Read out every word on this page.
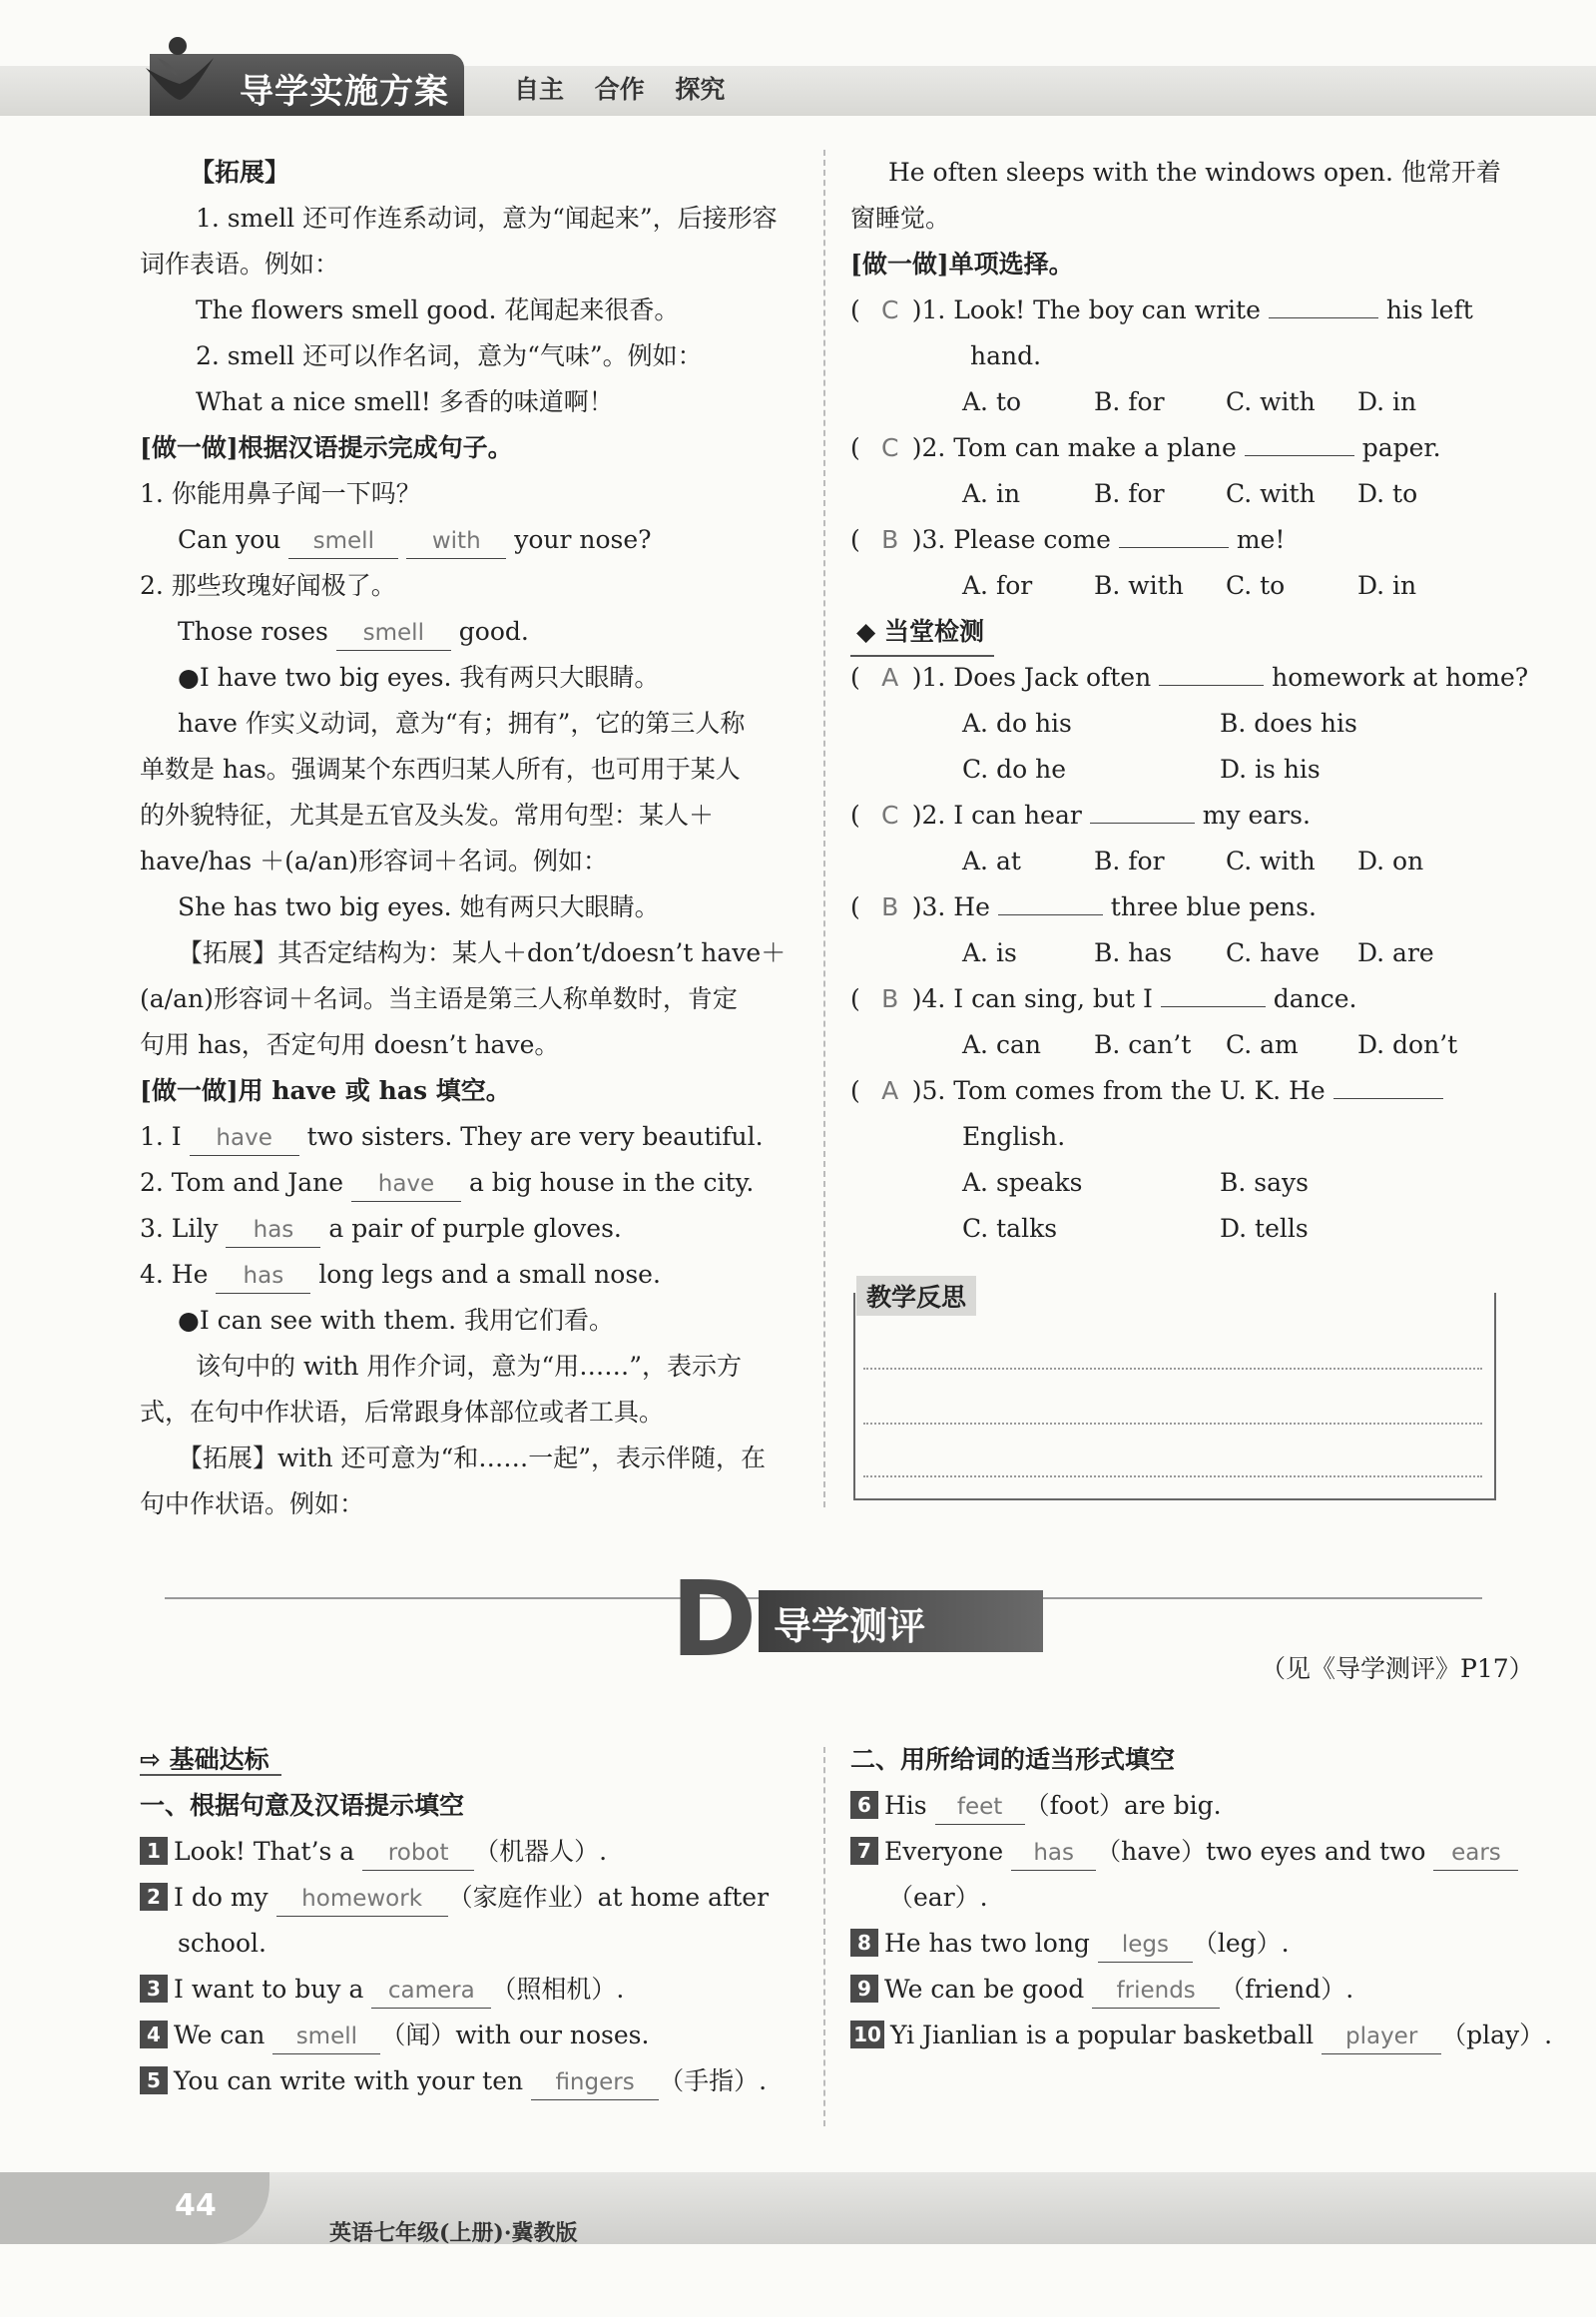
导学实施方案	自主 合作 探究
【拓展】
1. smell 还可作连系动词，意为“闻起来”，后接形容
词作表语。例如：
The flowers smell good. 花闻起来很香。
2. smell 还可以作名词，意为“气味”。例如：
What a nice smell! 多香的味道啊！
[做一做]根据汉语提示完成句子。
1. 你能用鼻子闻一下吗？
Can you smell	with your nose?
2. 那些玫瑰好闻极了。
Those roses smell good.
●I have two big eyes. 我有两只大眼睛。
have 作实义动词，意为“有；拥有”，它的第三人称
单数是 has。强调某个东西归某人所有，也可用于某人
的外貌特征，尤其是五官及头发。常用句型：某人＋
have/has ＋(a/an)形容词＋名词。例如：
She has two big eyes. 她有两只大眼睛。
【拓展】其否定结构为：某人＋don’t/doesn’t have＋
(a/an)形容词＋名词。当主语是第三人称单数时，肯定
句用 has，否定句用 doesn’t have。
[做一做]用 have 或 has 填空。
1. I have two sisters. They are very beautiful.
2. Tom and Jane have a big house in the city.
3. Lily has a pair of purple gloves.
4. He has long legs and a small nose.
●I can see with them. 我用它们看。
该句中的 with 用作介词，意为“用……”，表示方
式，在句中作状语，后常跟身体部位或者工具。
【拓展】with 还可意为“和……一起”，表示伴随，在
句中作状语。例如：
He often sleeps with the windows open. 他常开着
窗睡觉。
[做一做]单项选择。
( C )1. Look! The boy can write	his left
hand.
A. to	B. for C. with D. in
( C )2. Tom can make a plane	paper.
A. in	B. for C. with D. to
( B )3. Please come	me!
A. for B. with C. to	D. in
◆ 当堂检测
( A )1. Does Jack often	homework at home?
A. do his	B. does his
C. do he	D. is his
( C )2. I can hear	my ears.
A. at	B. for C. with D. on
( B )3. He	three blue pens.
A. is	B. has C. have D. are
( B )4. I can sing, but I	dance.
A. can B. can’t C. am D. don’t
( A )5. Tom comes from the U. K. He
English.
A. speaks	B. says
C. talks	D. tells
教学反思
D 导学测评
（见《导学测评》P17）
⇨ 基础达标
一、根据句意及汉语提示填空
1 Look! That’s a robot （机器人）.
2 I do my homework （家庭作业）at home after
school.
3 I want to buy a camera （照相机）.
4 We can smell （闻）with our noses.
5 You can write with your ten fingers （手指）.
二、用所给词的适当形式填空
6 His feet （foot）are big.
7 Everyone has （have）two eyes and two ears
（ear）.
8 He has two long legs （leg）.
9 We can be good friends （friend）.
10 Yi Jianlian is a popular basketball player （play）.
44
英语七年级(上册)·冀教版
